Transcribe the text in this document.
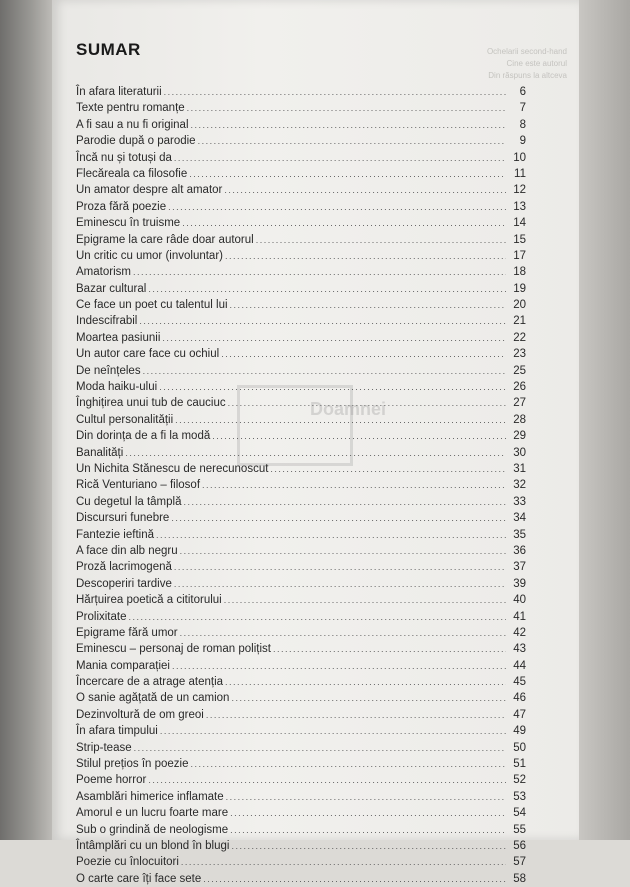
Ochelarii second-hand
Cine este autorul
Din răspuns la altceva
Doamnei
SUMAR
În afara literaturii .....	6
Texte pentru romanțe .....	7
A fi sau a nu fi original .....	8
Parodie după o parodie .....	9
Încă nu și totuși da .....	10
Flecăreala ca filosofie .....	11
Un amator despre alt amator .....	12
Proza fără poezie .....	13
Eminescu în truisme .....	14
Epigrame la care râde doar autorul .....	15
Un critic cu umor (involuntar) .....	17
Amatorism .....	18
Bazar cultural .....	19
Ce face un poet cu talentul lui .....	20
Indescifrabil .....	21
Moartea pasiunii .....	22
Un autor care face cu ochiul .....	23
De neînțeles .....	25
Moda haiku-ului .....	26
Înghițirea unui tub de cauciuc .....	27
Cultul personalității .....	28
Din dorința de a fi la modă .....	29
Banalități .....	30
Un Nichita Stănescu de nerecunoscut .....	31
Rică Venturiano – filosof .....	32
Cu degetul la tâmplă .....	33
Discursuri funebre .....	34
Fantezie ieftină .....	35
A face din alb negru .....	36
Proză lacrimogenă .....	37
Descoperiri tardive .....	39
Hărțuirea poetică a cititorului .....	40
Prolixitate .....	41
Epigrame fără umor .....	42
Eminescu – personaj de roman polițist .....	43
Mania comparației .....	44
Încercare de a atrage atenția .....	45
O sanie agățată de un camion .....	46
Dezinvoltură de om greoi .....	47
În afara timpului .....	49
Strip-tease .....	50
Stilul prețios în poezie .....	51
Poeme horror .....	52
Asamblări himerice inflamate .....	53
Amorul e un lucru foarte mare .....	54
Sub o grindină de neologisme .....	55
Întâmplări cu un blond în blugi .....	56
Poezie cu înlocuitori .....	57
O carte care îți face sete .....	58
